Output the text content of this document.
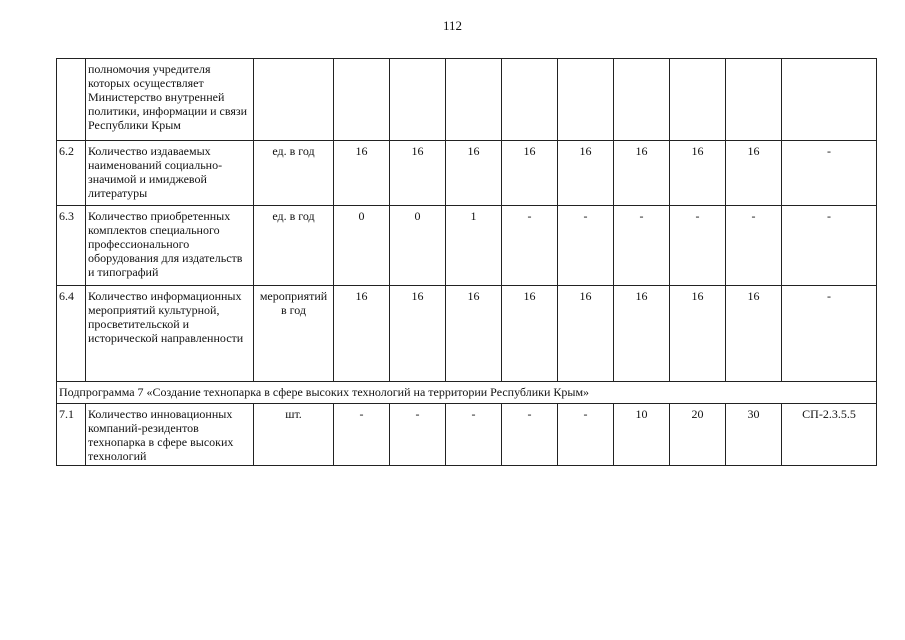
112

	полномочия учредителя которых осуществляет Министерство внутренней политики, информации и связи Республики Крым										

6.2	Количество издаваемых наименований социально-значимой и имиджевой литературы	ед. в год	16	16	16	16	16	16	16	16	-
6.3	Количество приобретенных комплектов специального профессионального оборудования для издательств и типографий	ед. в год	0	0	1	-	-	-	-	-	-
6.4	Количество информационных мероприятий культурной, просветительской и исторической направленности	мероприятий в год	16	16	16	16	16	16	16	16	-
Подпрограмма 7 «Создание технопарка в сфере высоких технологий на территории Республики Крым»											
7.1	Количество инновационных компаний-резидентов технопарка в сфере высоких технологий	шт.	-	-	-	-	-	10	20	30	СП-2.3.5.5
